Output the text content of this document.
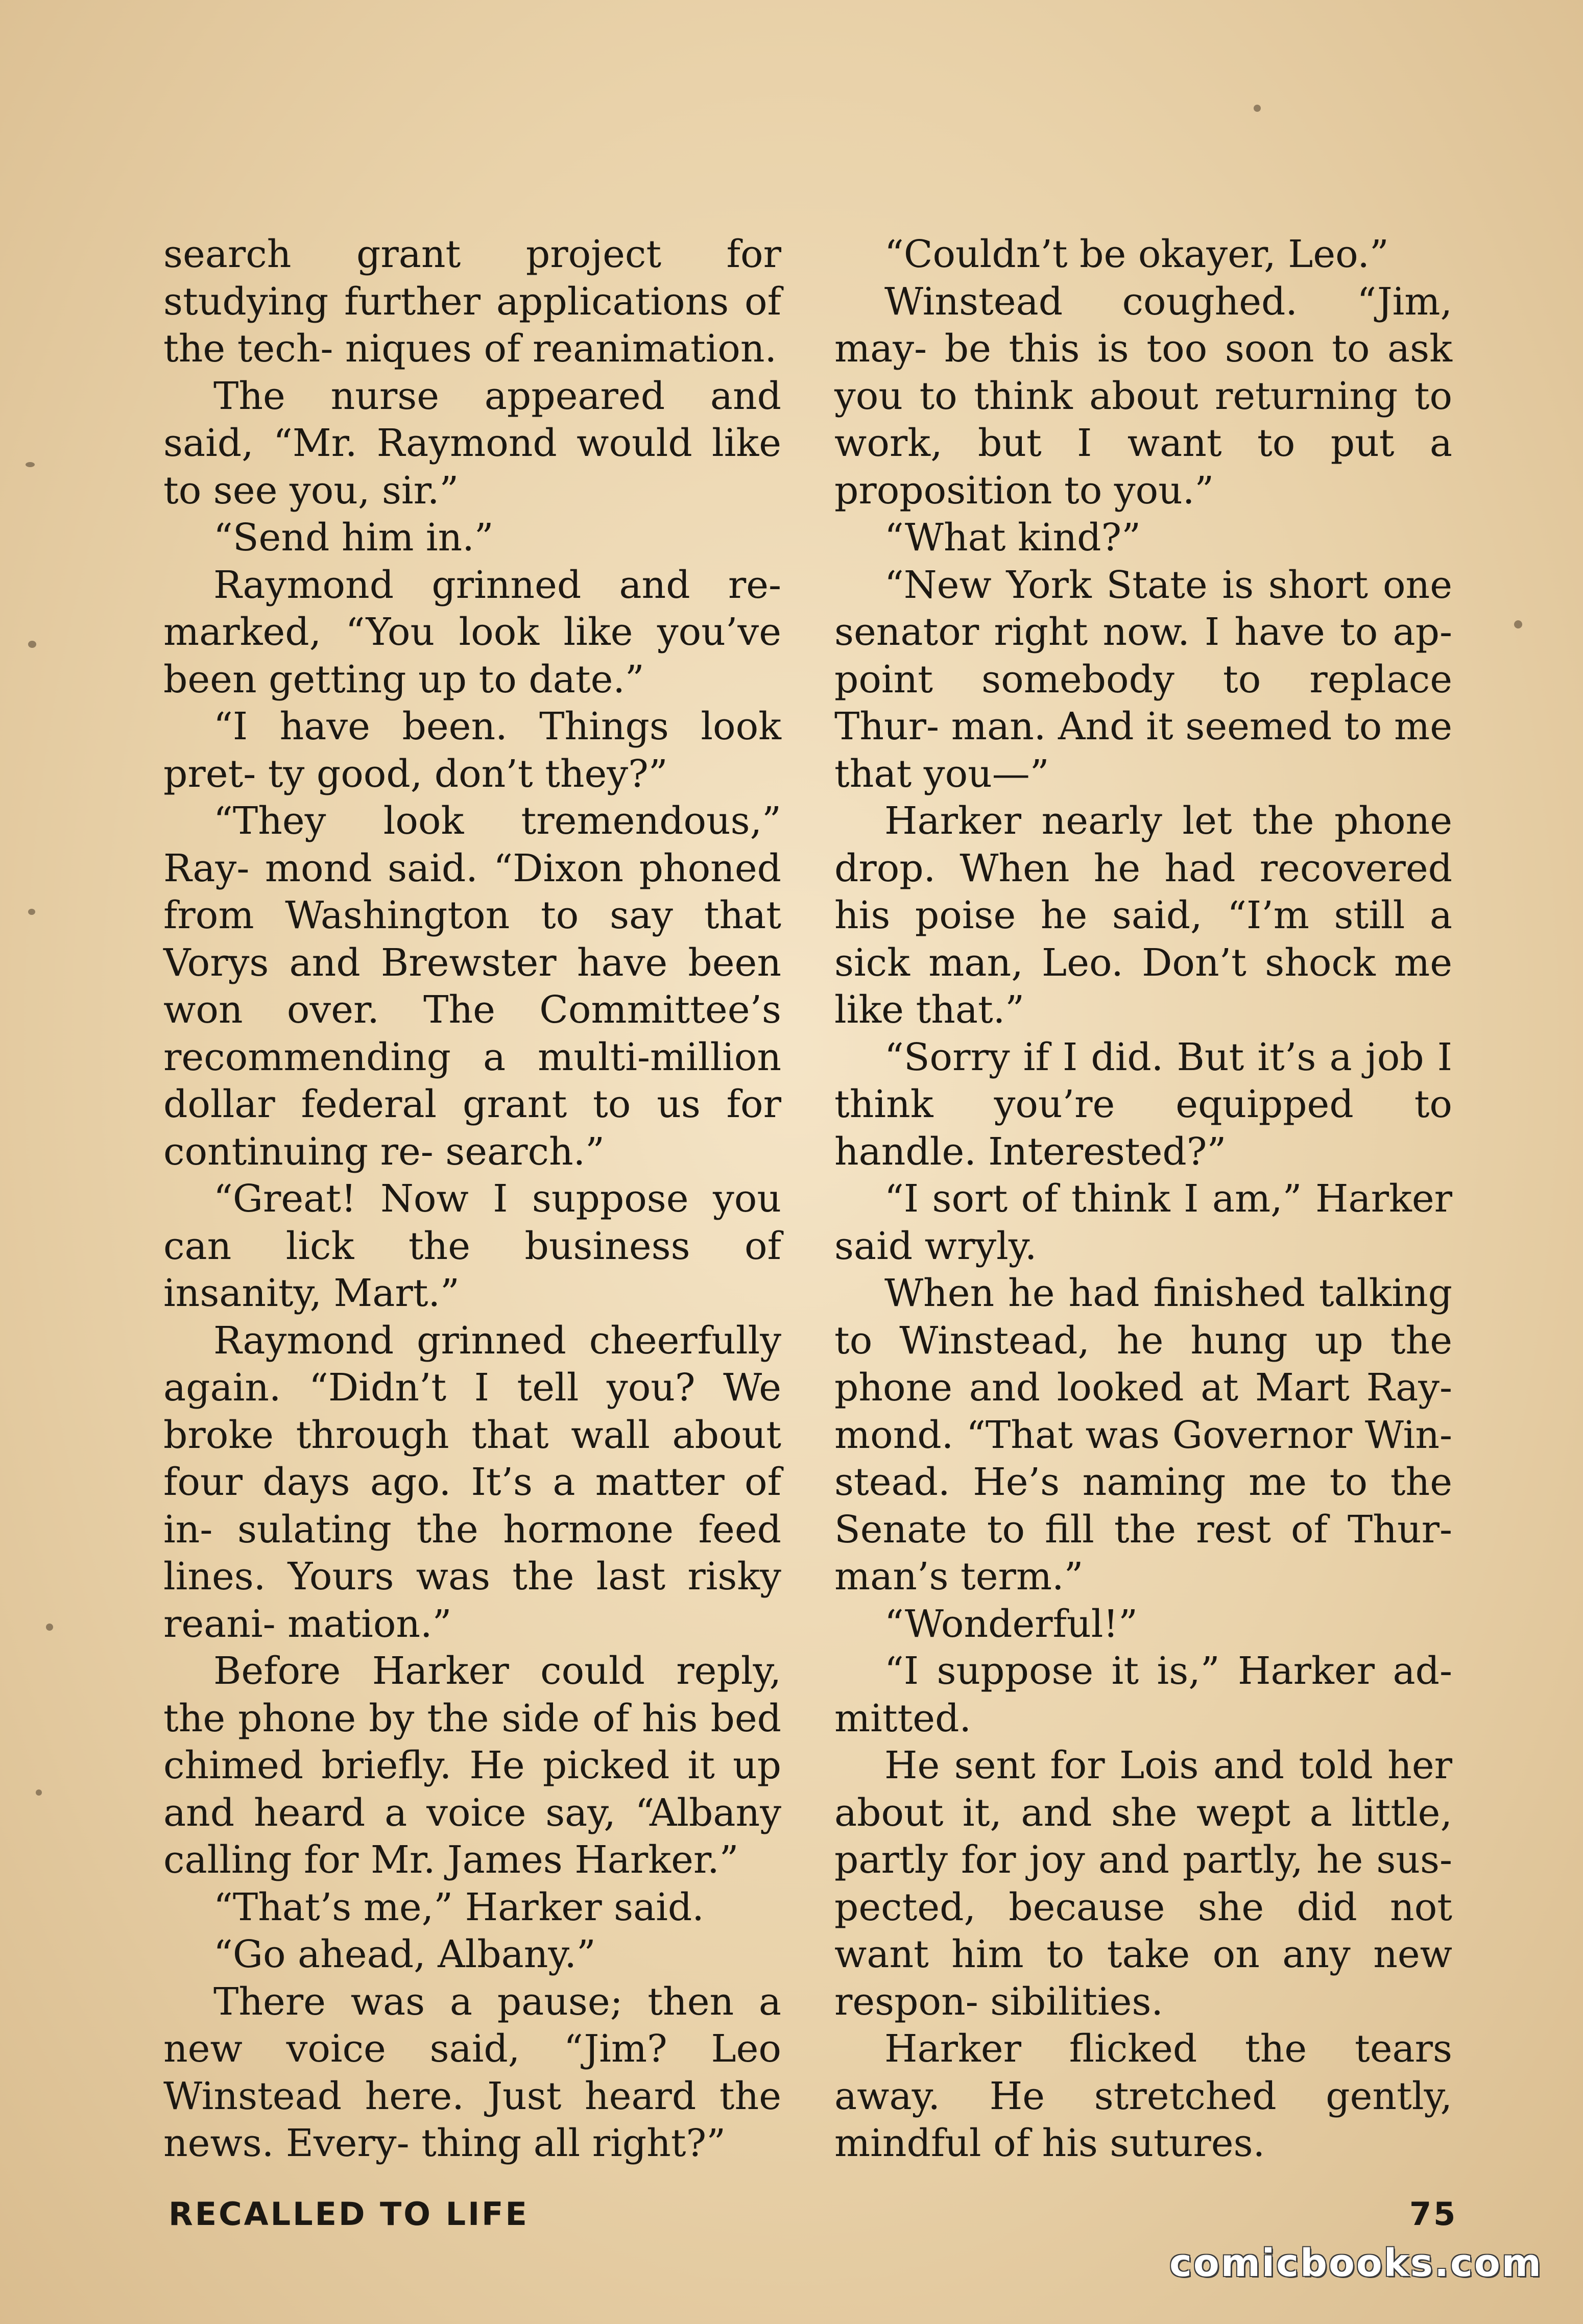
search grant project for studying further applications of the tech- niques of reanimation.

The nurse appeared and said, “Mr. Raymond would like to see you, sir.”

“Send him in.”

Raymond grinned and re- marked, “You look like you’ve been getting up to date.”

“I have been. Things look pret- ty good, don’t they?”

“They look tremendous,” Ray- mond said. “Dixon phoned from Washington to say that Vorys and Brewster have been won over. The Committee’s recommending a multi-million dollar federal grant to us for continuing re- search.”

“Great! Now I suppose you can lick the business of insanity, Mart.”

Raymond grinned cheerfully again. “Didn’t I tell you? We broke through that wall about four days ago. It’s a matter of in- sulating the hormone feed lines. Yours was the last risky reani- mation.”

Before Harker could reply, the phone by the side of his bed chimed briefly. He picked it up and heard a voice say, “Albany calling for Mr. James Harker.”

“That’s me,” Harker said.

“Go ahead, Albany.”

There was a pause; then a new voice said, “Jim? Leo Winstead here. Just heard the news. Every- thing all right?”

“Couldn’t be okayer, Leo.”

Winstead coughed. “Jim, may- be this is too soon to ask you to think about returning to work, but I want to put a proposition to you.”

“What kind?”

“New York State is short one senator right now. I have to ap- point somebody to replace Thur- man. And it seemed to me that you—”

Harker nearly let the phone drop. When he had recovered his poise he said, “I’m still a sick man, Leo. Don’t shock me like that.”

“Sorry if I did. But it’s a job I think you’re equipped to handle. Interested?”

“I sort of think I am,” Harker said wryly.

When he had finished talking to Winstead, he hung up the phone and looked at Mart Ray- mond. “That was Governor Win- stead. He’s naming me to the Senate to fill the rest of Thur- man’s term.”

“Wonderful!”

“I suppose it is,” Harker ad- mitted.

He sent for Lois and told her about it, and she wept a little, partly for joy and partly, he sus- pected, because she did not want him to take on any new respon- sibilities.

Harker flicked the tears away. He stretched gently, mindful of his sutures.

RECALLED TO LIFE	75
comicbooks.com
